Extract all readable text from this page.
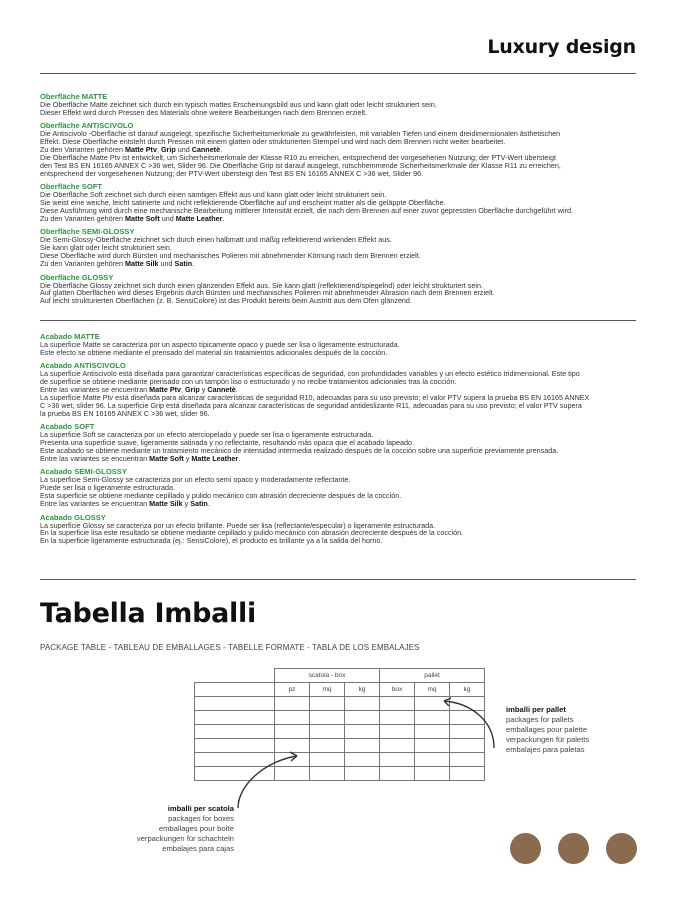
Luxury design
Oberfläche MATTE
Die Oberfläche Matte zeichnet sich durch ein typisch mattes Erscheinungsbild aus und kann glatt oder leicht strukturiert sein.
Dieser Effekt wird durch Pressen des Materials ohne weitere Bearbeitungen nach dem Brennen erzielt.
Oberfläche ANTISCIVOLO
Die Antiscivolo -Oberfläche ist darauf ausgelegt, spezifische Sicherheitsmerkmale zu gewährleisten, mit variablen Tiefen und einem dreidimensionalen ästhetischen
Effekt. Diese Oberfläche entsteht durch Pressen mit einem glatten oder strukturierten Stempel und wird nach dem Brennen nicht weiter bearbeitet.
Zu den Varianten gehören Matte Ptv, Grip und Cannetè.
Die Oberfläche Matte Ptv ist entwickelt, um Sicherheitsmerkmale der Klasse R10 zu erreichen, entsprechend der vorgesehenen Nutzung; der PTV-Wert übersteigt
den Test BS EN 16165 ANNEX C >36 wet, Slider 96. Die Oberfläche Grip ist darauf ausgelegt, rutschhemmende Sicherheitsmerkmale der Klasse R11 zu erreichen,
entsprechend der vorgesehenen Nutzung; der PTV-Wert übersteigt den Test BS EN 16165 ANNEX C >36 wet, Slider 96.
Oberfläche SOFT
Die Oberfläche Soft zeichnet sich durch einen samtigen Effekt aus und kann glatt oder leicht strukturiert sein.
Sie weist eine weiche, leicht satinierte und nicht reflektierende Oberfläche auf und erscheint matter als die geläppte Oberfläche.
Diese Ausführung wird durch eine mechanische Bearbeitung mittlerer Intensität erzielt, die nach dem Brennen auf einer zuvor gepressten Oberfläche durchgeführt wird.
Zu den Varianten gehören Matte Soft und Matte Leather.
Oberfläche SEMI-GLOSSY
Die Semi-Glossy-Oberfläche zeichnet sich durch einen halbmatt und mäßig reflektierend wirkenden Effekt aus.
Sie kann glatt oder leicht strukturiert sein.
Diese Oberfläche wird durch Bürsten und mechanisches Polieren mit abnehmender Körnung nach dem Brennen erzielt.
Zu den Varianten gehören Matte Silk und Satin.
Oberfläche GLOSSY
Die Oberfläche Glossy zeichnet sich durch einen glänzenden Effekt aus. Sie kann glatt (reflektierend/spiegelnd) oder leicht strukturiert sein.
Auf glatten Oberflächen wird dieses Ergebnis durch Bürsten und mechanisches Polieren mit abnehmender Abrasion nach dem Brennen erzielt.
Auf leicht strukturierten Oberflächen (z. B. SensiColore) ist das Produkt bereits beim Austritt aus dem Ofen glänzend.
Acabado MATTE
La superficie Matte se caracteriza por un aspecto típicamente opaco y puede ser lisa o ligeramente estructurada.
Este efecto se obtiene mediante el prensado del material sin tratamientos adicionales después de la cocción.
Acabado ANTISCIVOLO
La superficie Antiscivolo está diseñada para garantizar características específicas de seguridad, con profundidades variables y un efecto estético tridimensional. Este tipo
de superficie se obtiene mediante prensado con un tampón liso o estructurado y no recibe tratamientos adicionales tras la cocción.
Entre las variantes se encuentran Matte Ptv, Grip y Cannetè.
La superficie Matte Ptv está diseñada para alcanzar características de seguridad R10, adecuadas para su uso previsto; el valor PTV supera la prueba BS EN 16165 ANNEX
C >36 wet, slider 96. La superficie Grip está diseñada para alcanzar características de seguridad antideslizante R11, adecuadas para su uso previsto; el valor PTV supera
la prueba BS EN 16165 ANNEX C >36 wet, slider 96.
Acabado SOFT
La superficie Soft se caracteriza por un efecto aterciopelado y puede ser lisa o ligeramente estructurada.
Presenta una superficie suave, ligeramente satinada y no reflectante, resultando más opaca que el acabado lapeado.
Este acabado se obtiene mediante un tratamiento mecánico de intensidad intermedia realizado después de la cocción sobre una superficie previamente prensada.
Entre las variantes se encuentran Matte Soft y Matte Leather.
Acabado SEMI-GLOSSY
La superficie Semi-Glossy se caracteriza por un efecto semi opaco y moderadamente reflectante.
Puede ser lisa o ligeramente estructurada.
Esta superficie se obtiene mediante cepillado y pulido mecánico con abrasión decreciente después de la cocción.
Entre las variantes se encuentran Matte Silk y Satin.
Acabado GLOSSY
La superficie Glossy se caracteriza por un efecto brillante. Puede ser lisa (reflectante/especular) o ligeramente estructurada.
En la superficie lisa este resultado se obtiene mediante cepillado y pulido mecánico con abrasión decreciente después de la cocción.
En la superficie ligeramente estructurada (ej.: SensiColore), el producto es brillante ya a la salida del horno.
Tabella Imballi
PACKAGE TABLE - TABLEAU DE EMBALLAGES - TABELLE FORMATE - TABLA DE LOS EMBALAJES
	scatola - box			pallet		
	pz	mq	kg	box	mq	kg

imballi per pallet
packages for pallets
emballages pour palette
verpackungen für paletts
embalajes para paletas
imballi per scatola
packages for boxes
emballages pour boîte
verpackungen für schachteln
embalajes para cajas
